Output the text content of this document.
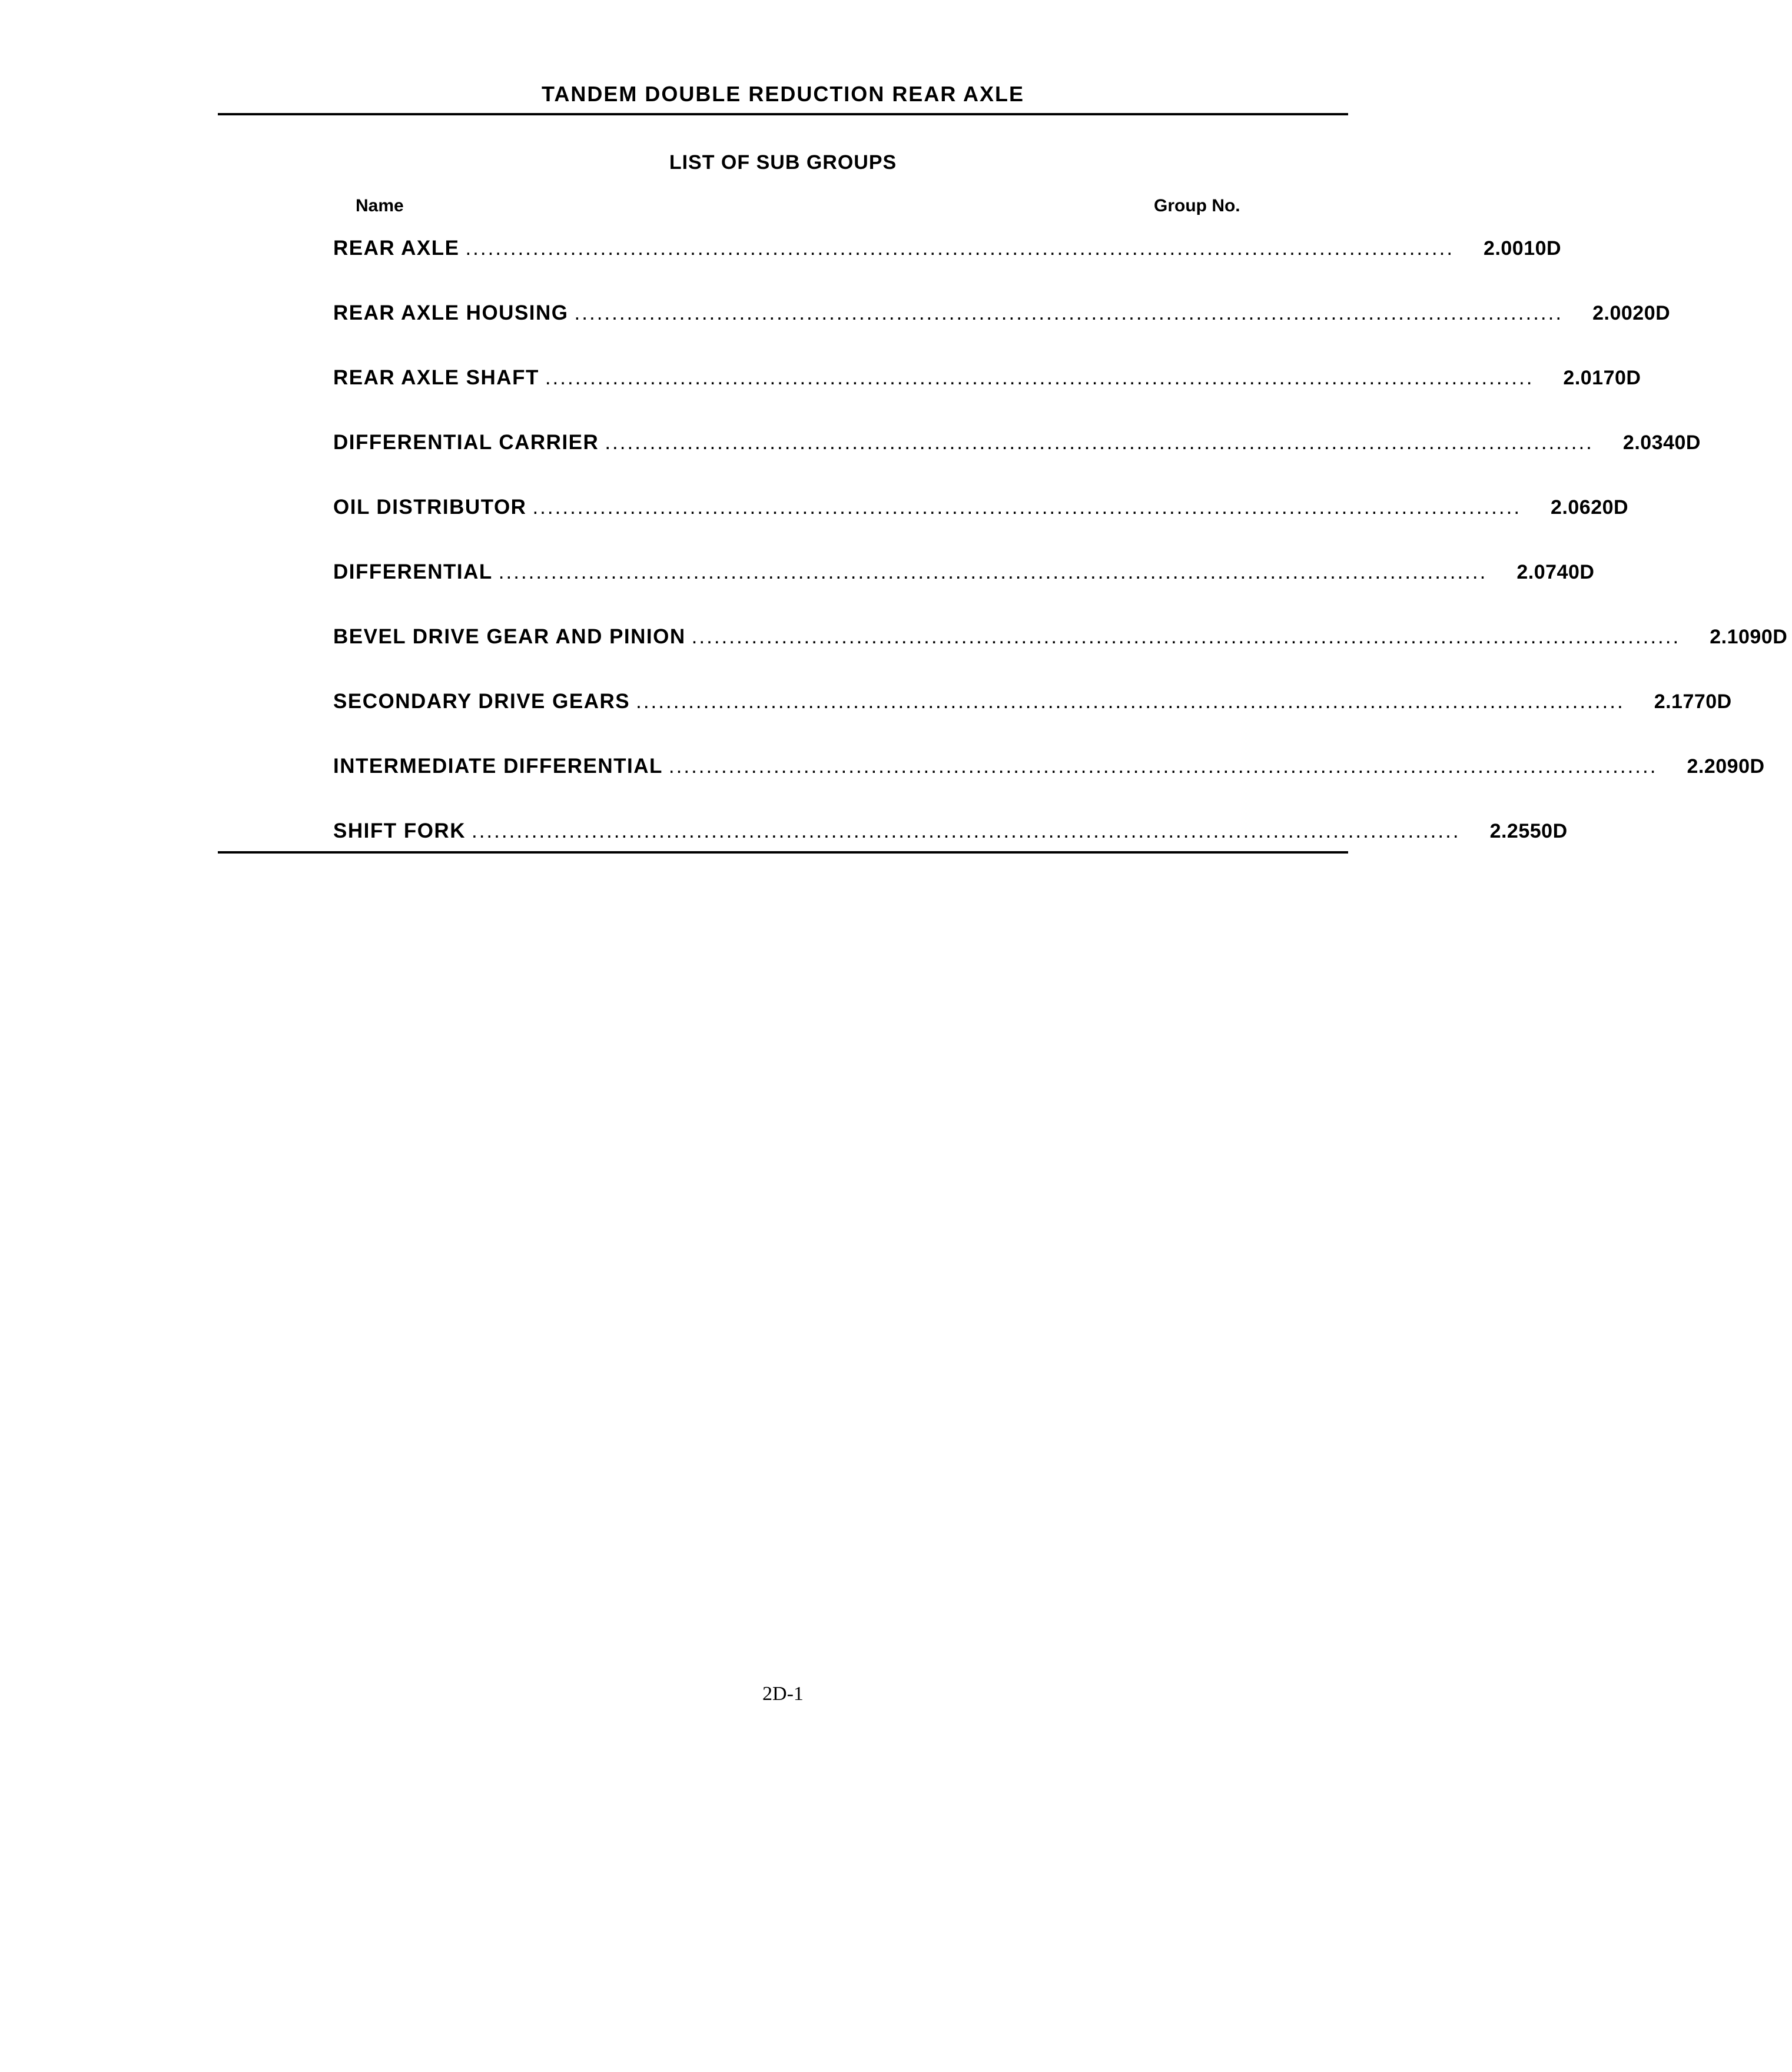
TANDEM DOUBLE REDUCTION REAR AXLE
LIST OF SUB GROUPS
Name	Group No.
REAR AXLE .................................................................................................................................... 2.0010D
REAR AXLE HOUSING .................................................................................................................................... 2.0020D
REAR AXLE SHAFT .................................................................................................................................... 2.0170D
DIFFERENTIAL CARRIER .................................................................................................................................... 2.0340D
OIL DISTRIBUTOR .................................................................................................................................... 2.0620D
DIFFERENTIAL .................................................................................................................................... 2.0740D
BEVEL DRIVE GEAR AND PINION .................................................................................................................................... 2.1090D
SECONDARY DRIVE GEARS .................................................................................................................................... 2.1770D
INTERMEDIATE DIFFERENTIAL .................................................................................................................................... 2.2090D
SHIFT FORK .................................................................................................................................... 2.2550D
2D-1
